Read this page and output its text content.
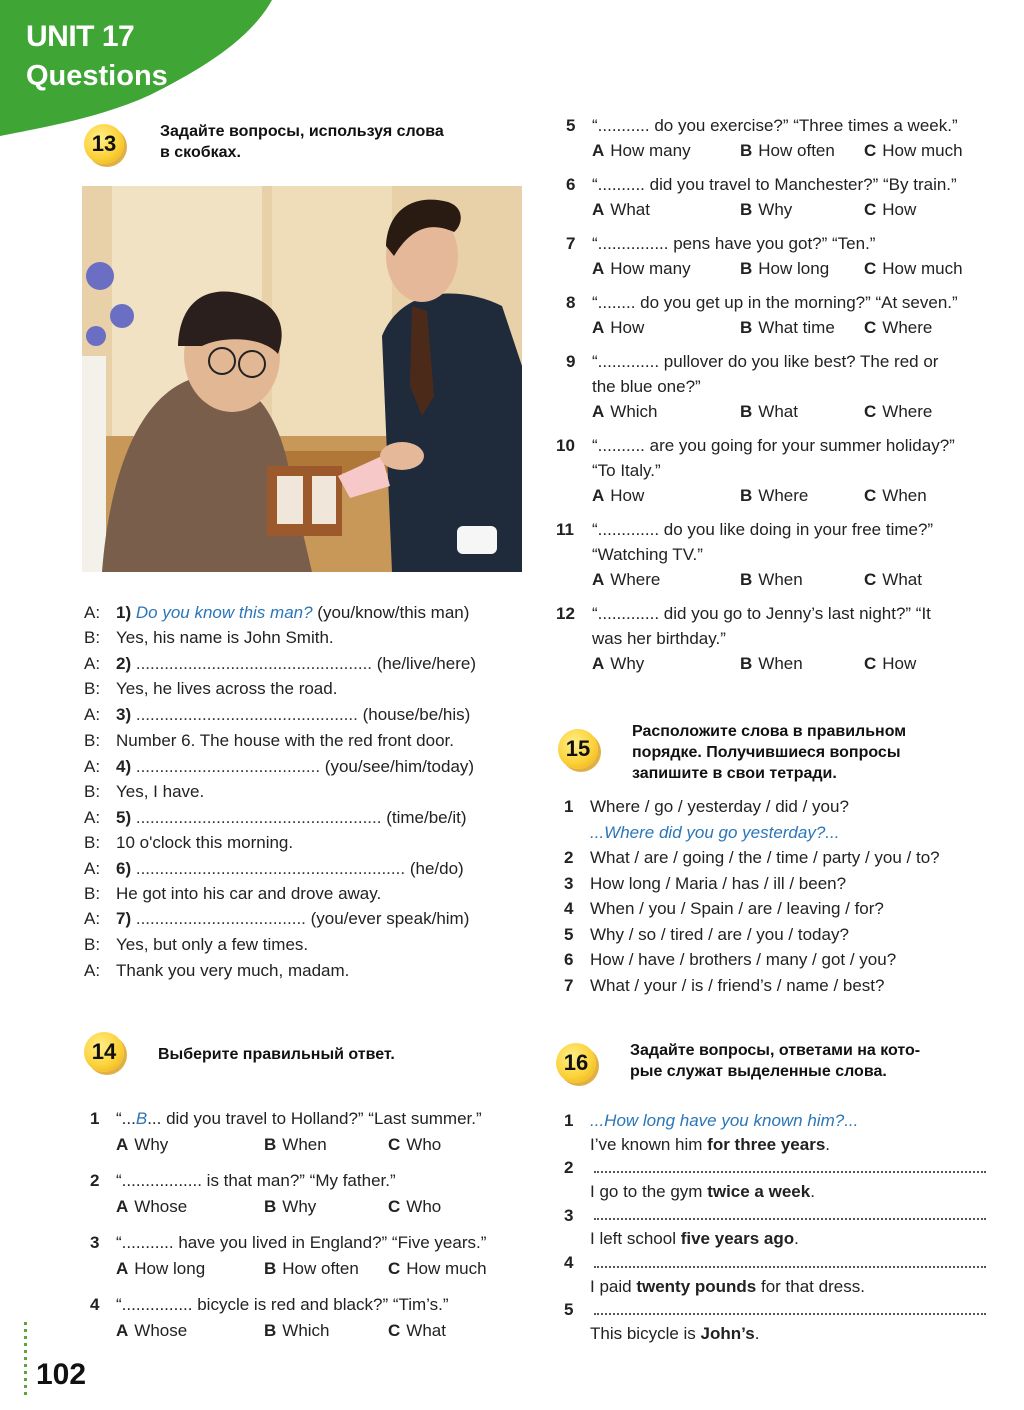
UNIT 17
Questions
13	Задайте вопросы, используя слова
в скобках.
A: 1) Do you know this man? (you/know/this man)
B: Yes, his name is John Smith.
A: 2) .................................................. (he/live/here)
B: Yes, he lives across the road.
A: 3) ............................................... (house/be/his)
B: Number 6. The house with the red front door.
A: 4) ....................................... (you/see/him/today)
B: Yes, I have.
A: 5) .................................................... (time/be/it)
B: 10 o'clock this morning.
A: 6) ......................................................... (he/do)
B: He got into his car and drove away.
A: 7) .................................... (you/ever speak/him)
B: Yes, but only a few times.
A: Thank you very much, madam.
14	Выберите правильный ответ.
1 “...B... did you travel to Holland?” “Last summer.”
A Why	B When	C Who
2 “................. is that man?” “My father.”
A Whose	B Why	C Who
3 “........... have you lived in England?” “Five years.”
A How long	B How often C How much
4 “............... bicycle is red and black?” “Tim’s.”
A Whose	B Which	C What
5 “........... do you exercise?” “Three times a week.”
A How many	B How often C How much
6 “.......... did you travel to Manchester?” “By train.”
A What	B Why	C How
7 “............... pens have you got?” “Ten.”
A How many	B How long C How much
8 “........ do you get up in the morning?” “At seven.”
A How	B What time C Where
9 “............. pullover do you like best? The red or
the blue one?”
A Which	B What	C Where
10 “.......... are you going for your summer holiday?”
“To Italy.”
A How	B Where	C When
11 “............. do you like doing in your free time?”
“Watching TV.”
A Where	B When	C What
12 “............. did you go to Jenny’s last night?” “It
was her birthday.”
A Why	B When	C How
15
Расположите слова в правильном
порядке. Получившиеся вопросы
запишите в свои тетради.
1 Where / go / yesterday / did / you?
...Where did you go yesterday?...
2 What / are / going / the / time / party / you / to?
3 How long / Maria / has / ill / been?
4 When / you / Spain / are / leaving / for?
5 Why / so / tired / are / you / today?
6 How / have / brothers / many / got / you?
7 What / your / is / friend’s / name / best?
16	Задайте вопросы, ответами на кото-
рые служат выделенные слова.
1 ...How long have you known him?...
I’ve known him for three years.
2
I go to the gym twice a week.
3
I left school five years ago.
4
I paid twenty pounds for that dress.
5
This bicycle is John’s.
102
